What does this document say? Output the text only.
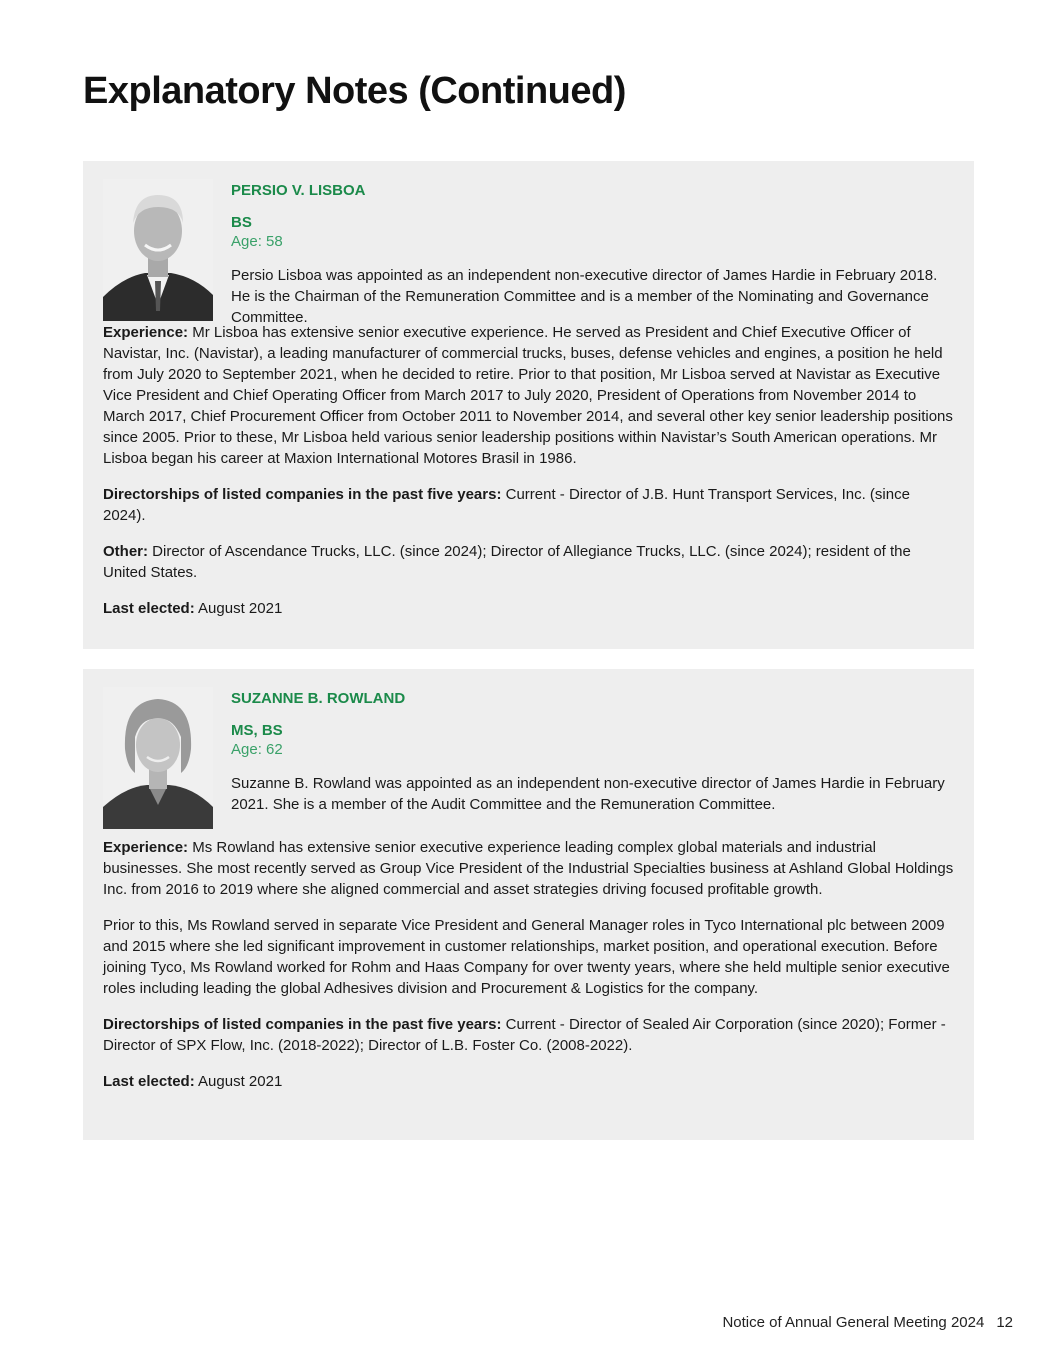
Explanatory Notes (Continued)
PERSIO V. LISBOA
BS
Age: 58

Persio Lisboa was appointed as an independent non-executive director of James Hardie in February 2018. He is the Chairman of the Remuneration Committee and is a member of the Nominating and Governance Committee.

Experience: Mr Lisboa has extensive senior executive experience. He served as President and Chief Executive Officer of Navistar, Inc. (Navistar), a leading manufacturer of commercial trucks, buses, defense vehicles and engines, a position he held from July 2020 to September 2021, when he decided to retire. Prior to that position, Mr Lisboa served at Navistar as Executive Vice President and Chief Operating Officer from March 2017 to July 2020, President of Operations from November 2014 to March 2017, Chief Procurement Officer from October 2011 to November 2014, and several other key senior leadership positions since 2005. Prior to these, Mr Lisboa held various senior leadership positions within Navistar’s South American operations. Mr Lisboa began his career at Maxion International Motores Brasil in 1986.

Directorships of listed companies in the past five years: Current - Director of J.B. Hunt Transport Services, Inc. (since 2024).

Other: Director of Ascendance Trucks, LLC. (since 2024); Director of Allegiance Trucks, LLC. (since 2024); resident of the United States.

Last elected: August 2021

SUZANNE B. ROWLAND
MS, BS
Age: 62

Suzanne B. Rowland was appointed as an independent non-executive director of James Hardie in February 2021. She is a member of the Audit Committee and the Remuneration Committee.

Experience: Ms Rowland has extensive senior executive experience leading complex global materials and industrial businesses. She most recently served as Group Vice President of the Industrial Specialties business at Ashland Global Holdings Inc. from 2016 to 2019 where she aligned commercial and asset strategies driving focused profitable growth.

Prior to this, Ms Rowland served in separate Vice President and General Manager roles in Tyco International plc between 2009 and 2015 where she led significant improvement in customer relationships, market position, and operational execution. Before joining Tyco, Ms Rowland worked for Rohm and Haas Company for over twenty years, where she held multiple senior executive roles including leading the global Adhesives division and Procurement & Logistics for the company.

Directorships of listed companies in the past five years: Current - Director of Sealed Air Corporation (since 2020); Former - Director of SPX Flow, Inc. (2018-2022); Director of L.B. Foster Co. (2008-2022).

Last elected: August 2021

Notice of Annual General Meeting 2024 12
